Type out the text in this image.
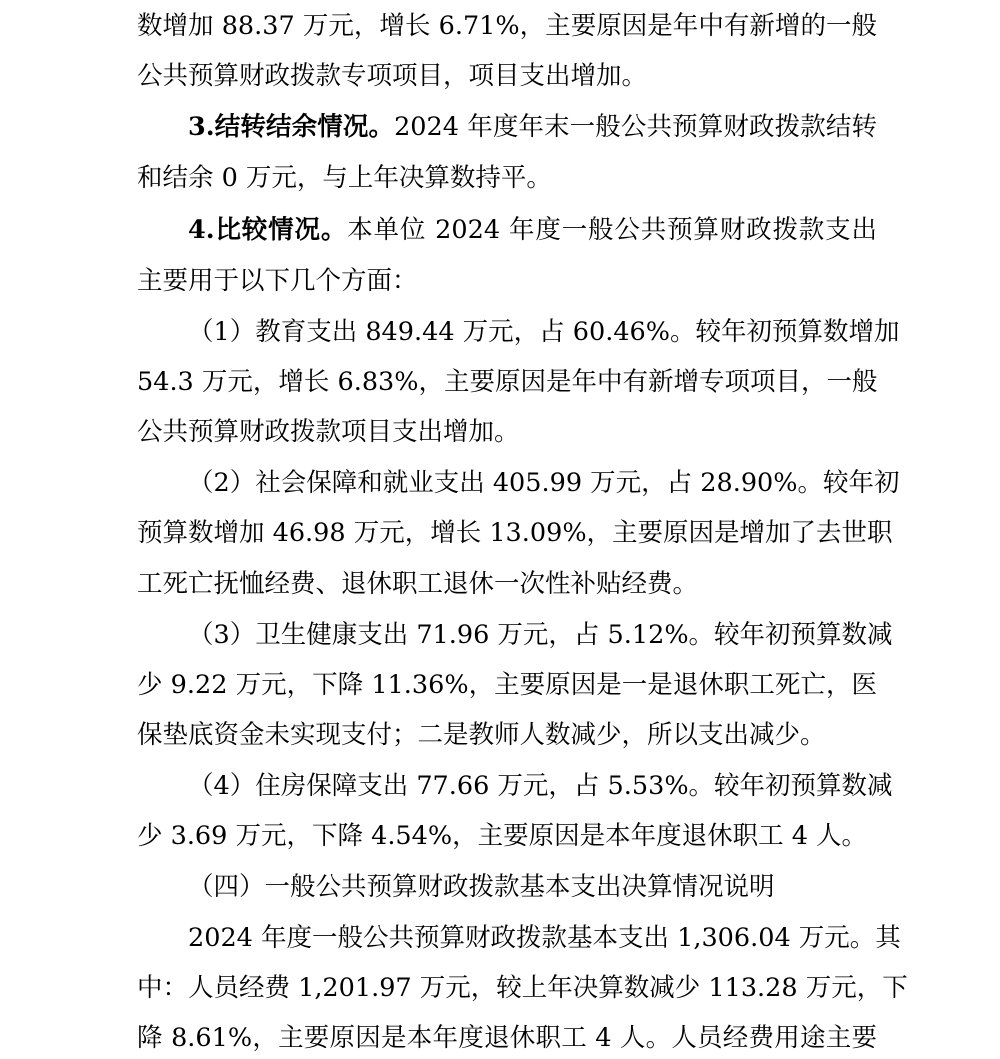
数增加 88.37 万元，增长 6.71%，主要原因是年中有新增的一般
公共预算财政拨款专项项目，项目支出增加。
3.结转结余情况。2024 年度年末一般公共预算财政拨款结转
和结余 0 万元，与上年决算数持平。
4.比较情况。本单位 2024 年度一般公共预算财政拨款支出
主要用于以下几个方面：
（1）教育支出 849.44 万元，占 60.46%。较年初预算数增加
54.3 万元，增长 6.83%，主要原因是年中有新增专项项目，一般
公共预算财政拨款项目支出增加。
（2）社会保障和就业支出 405.99 万元，占 28.90%。较年初
预算数增加 46.98 万元，增长 13.09%，主要原因是增加了去世职
工死亡抚恤经费、退休职工退休一次性补贴经费。
（3）卫生健康支出 71.96 万元，占 5.12%。较年初预算数减
少 9.22 万元，下降 11.36%，主要原因是一是退休职工死亡，医
保垫底资金未实现支付；二是教师人数减少，所以支出减少。
（4）住房保障支出 77.66 万元，占 5.53%。较年初预算数减
少 3.69 万元，下降 4.54%，主要原因是本年度退休职工 4 人。
（四）一般公共预算财政拨款基本支出决算情况说明
2024 年度一般公共预算财政拨款基本支出 1,306.04 万元。其
中：人员经费 1,201.97 万元，较上年决算数减少 113.28 万元，下
降 8.61%，主要原因是本年度退休职工 4 人。人员经费用途主要
